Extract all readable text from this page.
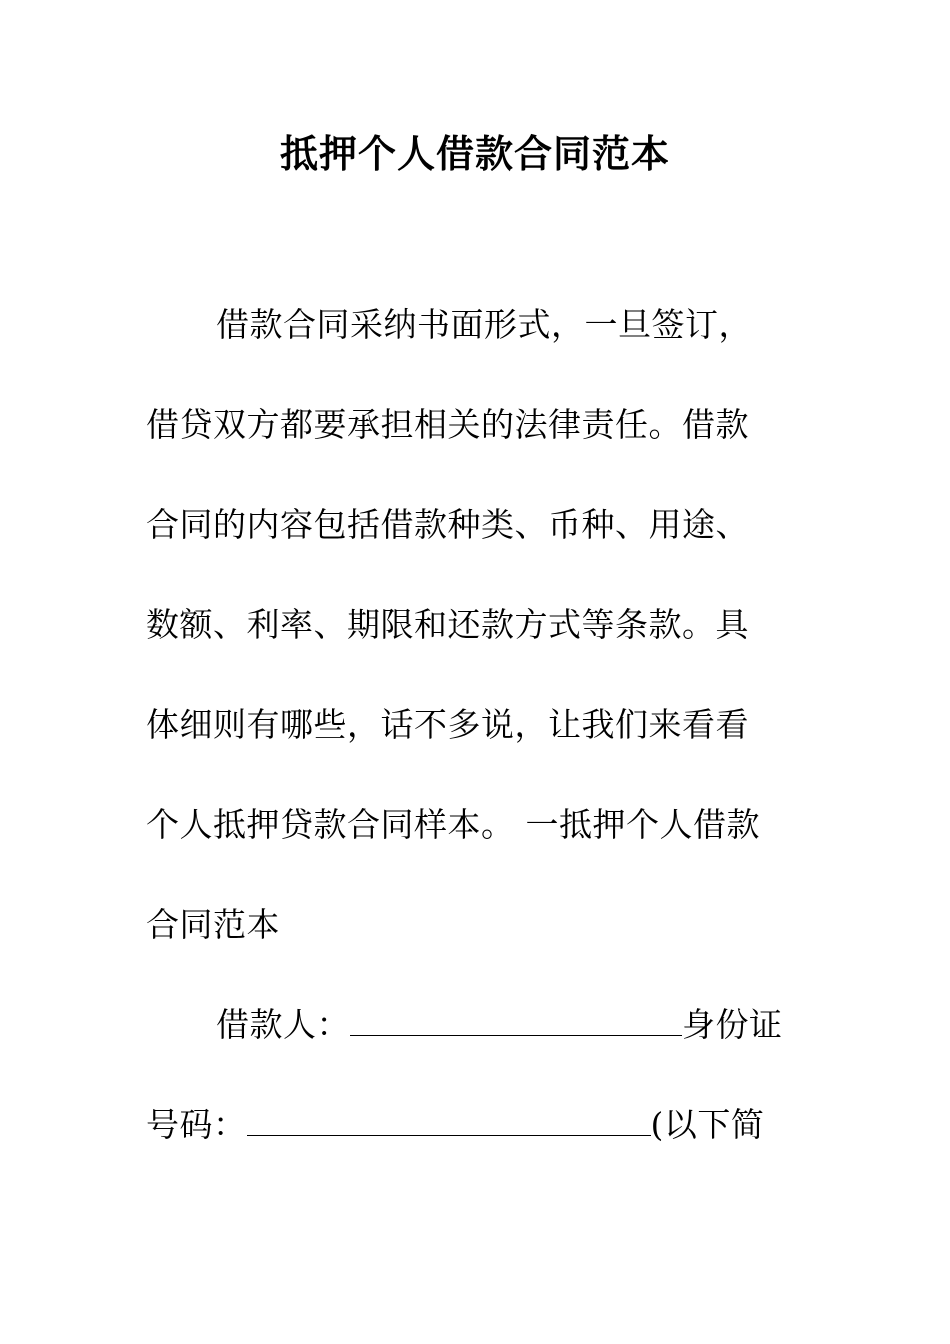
抵押个人借款合同范本
借款合同采纳书面形式，一旦签订，
借贷双方都要承担相关的法律责任。借款
合同的内容包括借款种类、币种、用途、
数额、利率、期限和还款方式等条款。具
体细则有哪些，话不多说，让我们来看看
个人抵押贷款合同样本。 一抵押个人借款
合同范本
借款人：	身份证
号码：	(以下简
